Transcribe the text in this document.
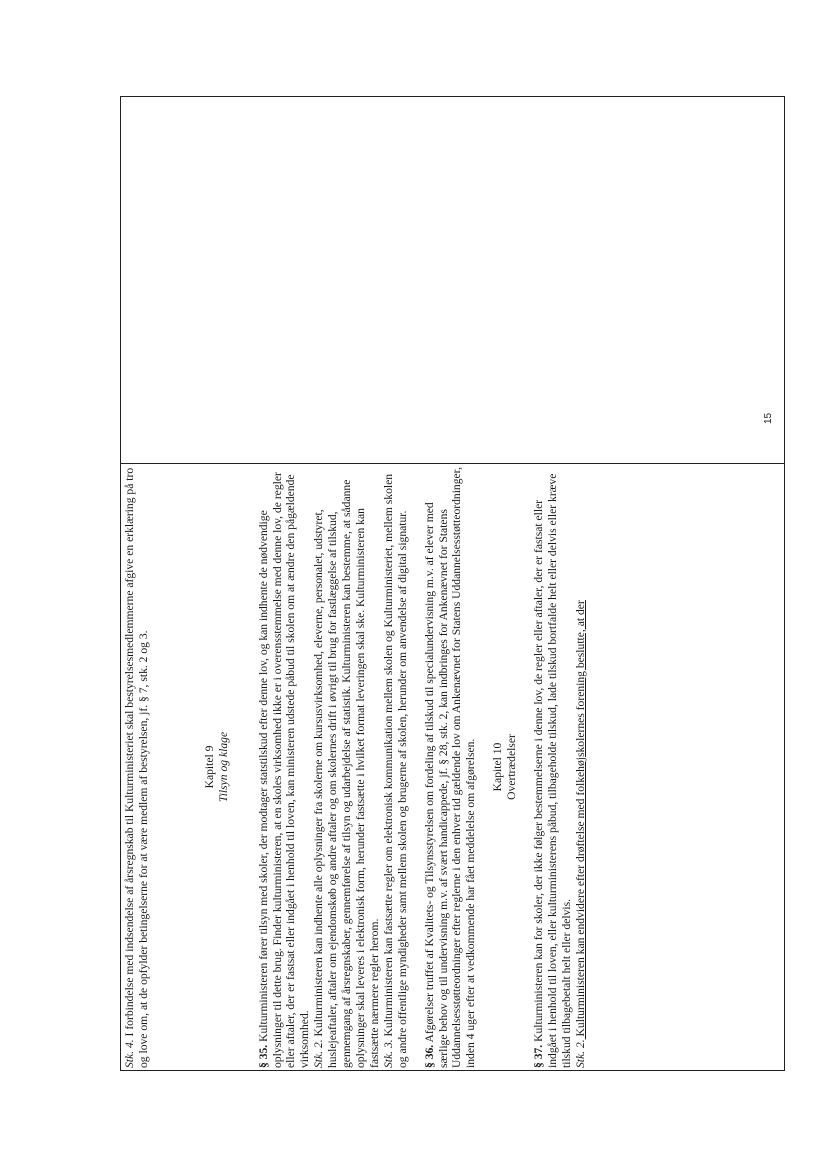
Stk. 4. I forbindelse med indsendelse af årsregnskab til Kulturministeriet skal bestyrelsesmedlemmerne afgive en erklæring på tro og love om, at de opfylder betingelserne for at være medlem af bestyrelsen, jf. § 7, stk. 2 og 3.	Kapitel 9 Tilsyn og klage

§ 35. Kulturministeren fører tilsyn med skoler, der modtager statstilskud efter denne lov, og kan indhente de nødvendige oplysninger til dette brug. Finder kulturministeren, at en skoles virksomhed ikke er i overensstemmelse med denne lov, de regler eller aftaler, der er fastsat eller indgået i henhold til loven, kan ministeren udstede påbud til skolen om at ændre den pågældende virksomhed. Stk. 2. Kulturministeren kan indhente alle oplysninger fra skolerne om kursusvirksomhed, eleverne, personalet, udstyret, huslejeaftaler, aftaler om ejendomskøb og andre aftaler og om skolernes drift i øvrigt til brug for fastlæggelse af tilskud, gennemgang af årsregnskaber, gennemførelse af tilsyn og udarbejdelse af statistik. Kulturministeren kan bestemme, at sådanne oplysninger skal leveres i elektronisk form, herunder fastsætte i hvilket format leveringen skal ske. Kulturministeren kan fastsætte nærmere regler herom. Stk. 3. Kulturministeren kan fastsætte regler om elektronisk kommunikation mellem skolen og Kulturministeriet, mellem skolen og andre offentlige myndigheder samt mellem skolen og brugerne af skolen, herunder om anvendelse af digital signatur. § 36. Afgørelser truffet af Kvalitets- og Tilsynsstyrelsen om fordeling af tilskud til specialundervisning m.v. af elever med særlige behov og til undervisning m.v. af svært handicappede, jf. § 28, stk. 2, kan indbringes for Ankenævnet for Statens Uddannelsesstøtteordninger efter reglerne i den enhver tid gældende lov om Ankenævnet for Statens Uddannelsesstøtteordninger, inden 4 uger efter at vedkommende har fået meddelelse om afgørelsen. Kapitel 10 Overtrædelser

§ 37. Kulturministeren kan for skoler, der ikke følger bestemmelserne i denne lov, de regler eller aftaler, der er fastsat eller indgået i henhold til loven, eller kulturministerens påbud, tilbageholde tilskud, lade tilskud bortfalde helt eller delvis eller kræve tilskud tilbagebetalt helt eller delvis. Stk. 2. Kulturministeren kan endvidere efter drøftelse med folkehøjskolernes forening beslutte, at der

15
